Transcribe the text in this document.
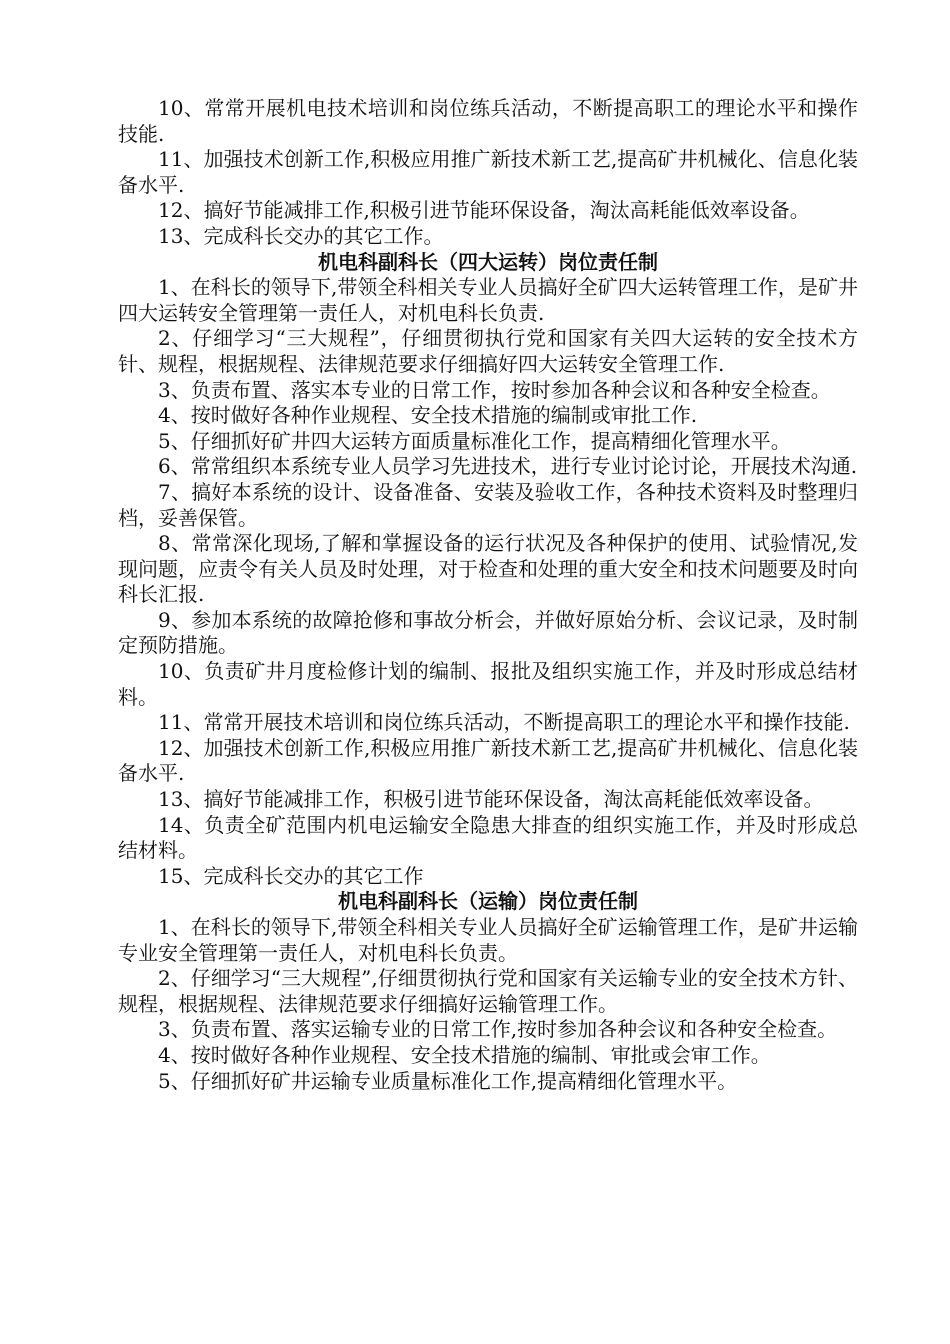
10、常常开展机电技术培训和岗位练兵活动，不断提高职工的理论水平和操作技能.

11、加强技术创新工作,积极应用推广新技术新工艺,提高矿井机械化、信息化装备水平.

12、搞好节能减排工作,积极引进节能环保设备，淘汰高耗能低效率设备。

13、完成科长交办的其它工作。

机电科副科长（四大运转）岗位责任制

1、在科长的领导下,带领全科相关专业人员搞好全矿四大运转管理工作，是矿井四大运转安全管理第一责任人，对机电科长负责.

2、仔细学习“三大规程”，仔细贯彻执行党和国家有关四大运转的安全技术方针、规程，根据规程、法律规范要求仔细搞好四大运转安全管理工作.

3、负责布置、落实本专业的日常工作，按时参加各种会议和各种安全检查。

4、按时做好各种作业规程、安全技术措施的编制或审批工作.

5、仔细抓好矿井四大运转方面质量标准化工作，提高精细化管理水平。

6、常常组织本系统专业人员学习先进技术，进行专业讨论讨论，开展技术沟通.

7、搞好本系统的设计、设备准备、安装及验收工作，各种技术资料及时整理归档，妥善保管。

8、常常深化现场,了解和掌握设备的运行状况及各种保护的使用、试验情况,发现问题，应责令有关人员及时处理，对于检查和处理的重大安全和技术问题要及时向科长汇报.

9、参加本系统的故障抢修和事故分析会，并做好原始分析、会议记录，及时制定预防措施。

10、负责矿井月度检修计划的编制、报批及组织实施工作，并及时形成总结材料。

11、常常开展技术培训和岗位练兵活动，不断提高职工的理论水平和操作技能.

12、加强技术创新工作,积极应用推广新技术新工艺,提高矿井机械化、信息化装备水平.

13、搞好节能减排工作，积极引进节能环保设备，淘汰高耗能低效率设备。

14、负责全矿范围内机电运输安全隐患大排查的组织实施工作，并及时形成总结材料。

15、完成科长交办的其它工作

机电科副科长（运输）岗位责任制

1、在科长的领导下,带领全科相关专业人员搞好全矿运输管理工作，是矿井运输专业安全管理第一责任人，对机电科长负责。

2、仔细学习“三大规程”,仔细贯彻执行党和国家有关运输专业的安全技术方针、规程，根据规程、法律规范要求仔细搞好运输管理工作。

3、负责布置、落实运输专业的日常工作,按时参加各种会议和各种安全检查。

4、按时做好各种作业规程、安全技术措施的编制、审批或会审工作。

5、仔细抓好矿井运输专业质量标准化工作,提高精细化管理水平。
